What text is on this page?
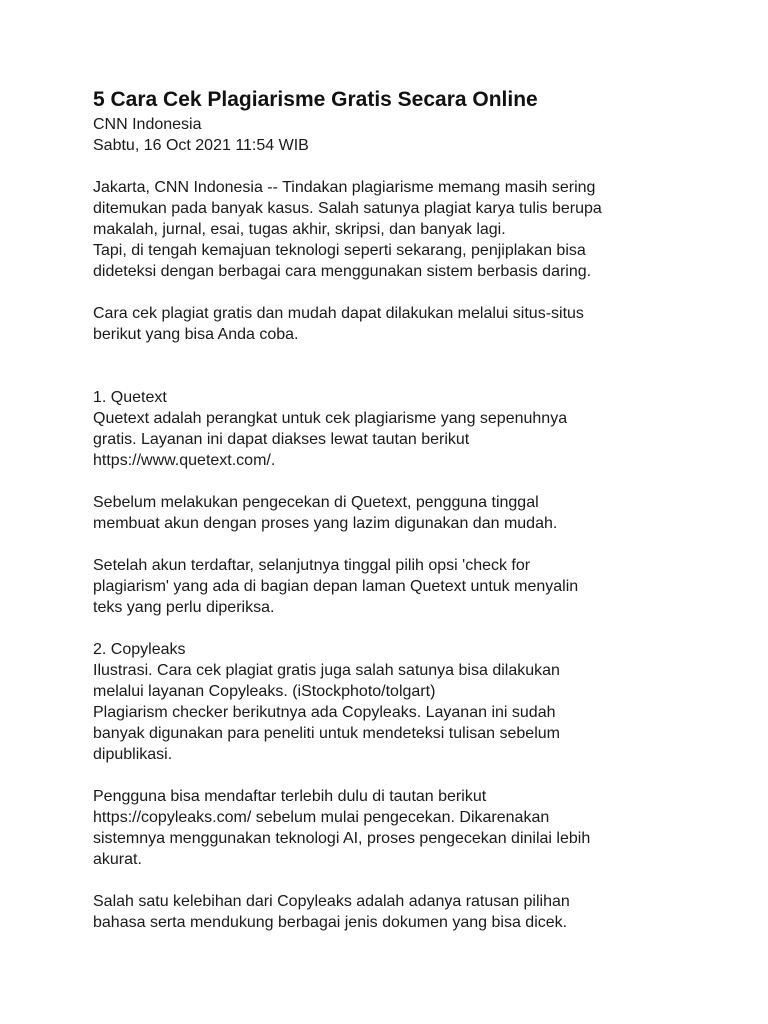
5 Cara Cek Plagiarisme Gratis Secara Online

CNN Indonesia

Sabtu, 16 Oct 2021 11:54 WIB

Jakarta, CNN Indonesia -- Tindakan plagiarisme memang masih sering

ditemukan pada banyak kasus. Salah satunya plagiat karya tulis berupa

makalah, jurnal, esai, tugas akhir, skripsi, dan banyak lagi.

Tapi, di tengah kemajuan teknologi seperti sekarang, penjiplakan bisa

dideteksi dengan berbagai cara menggunakan sistem berbasis daring.

Cara cek plagiat gratis dan mudah dapat dilakukan melalui situs-situs

berikut yang bisa Anda coba.

1. Quetext

Quetext adalah perangkat untuk cek plagiarisme yang sepenuhnya

gratis. Layanan ini dapat diakses lewat tautan berikut

https://www.quetext.com/.

Sebelum melakukan pengecekan di Quetext, pengguna tinggal

membuat akun dengan proses yang lazim digunakan dan mudah.

Setelah akun terdaftar, selanjutnya tinggal pilih opsi 'check for

plagiarism' yang ada di bagian depan laman Quetext untuk menyalin

teks yang perlu diperiksa.

2. Copyleaks

Ilustrasi. Cara cek plagiat gratis juga salah satunya bisa dilakukan

melalui layanan Copyleaks. (iStockphoto/tolgart)

Plagiarism checker berikutnya ada Copyleaks. Layanan ini sudah

banyak digunakan para peneliti untuk mendeteksi tulisan sebelum

dipublikasi.

Pengguna bisa mendaftar terlebih dulu di tautan berikut

https://copyleaks.com/ sebelum mulai pengecekan. Dikarenakan

sistemnya menggunakan teknologi AI, proses pengecekan dinilai lebih

akurat.

Salah satu kelebihan dari Copyleaks adalah adanya ratusan pilihan

bahasa serta mendukung berbagai jenis dokumen yang bisa dicek.
